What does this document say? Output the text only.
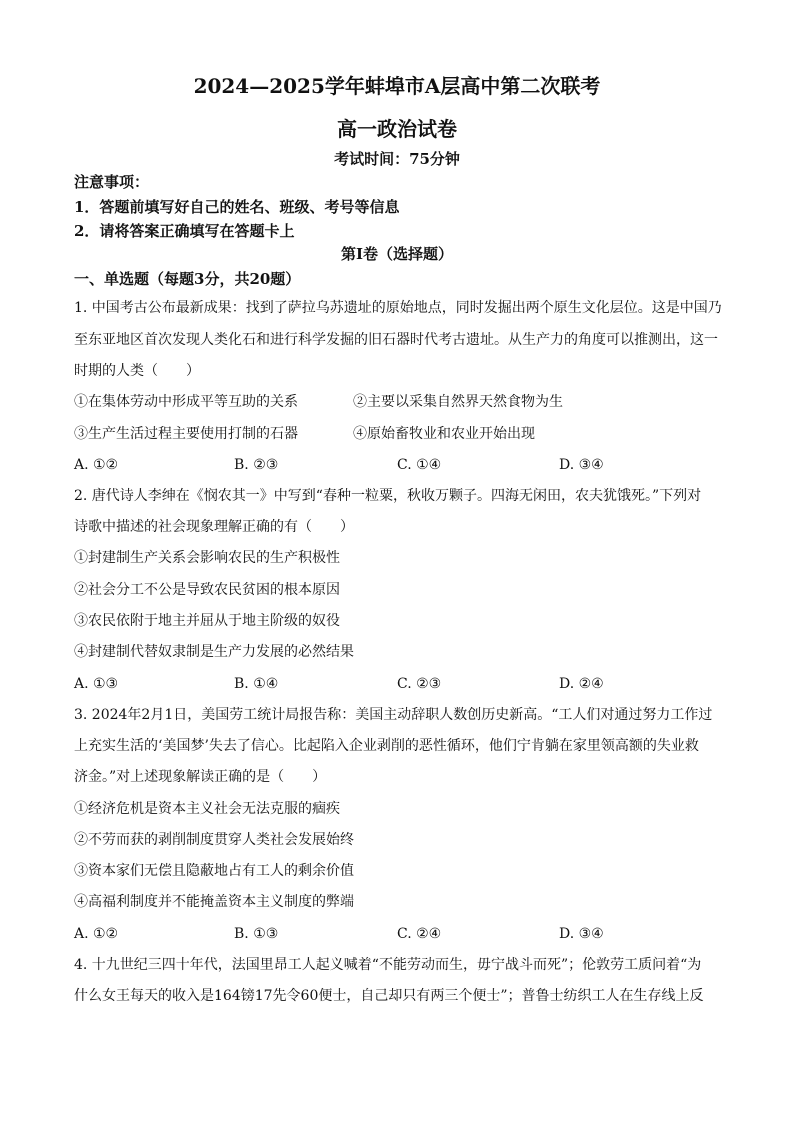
2024—2025学年蚌埠市A层高中第二次联考
高一政治试卷
考试时间：75分钟
注意事项：
1．答题前填写好自己的姓名、班级、考号等信息
2．请将答案正确填写在答题卡上
第Ⅰ卷（选择题）
一、单选题（每题3分，共20题）
1. 中国考古公布最新成果：找到了萨拉乌苏遗址的原始地点，同时发掘出两个原生文化层位。这是中国乃
至东亚地区首次发现人类化石和进行科学发掘的旧石器时代考古遗址。从生产力的角度可以推测出，这一
时期的人类（　　）
①在集体劳动中形成平等互助的关系	②主要以采集自然界天然食物为生
③生产生活过程主要使用打制的石器	④原始畜牧业和农业开始出现
A. ①②	B. ②③	C. ①④	D. ③④
2. 唐代诗人李绅在《悯农其一》中写到“春种一粒粟，秋收万颗子。四海无闲田，农夫犹饿死。”下列对
诗歌中描述的社会现象理解正确的有（　　）
①封建制生产关系会影响农民的生产积极性
②社会分工不公是导致农民贫困的根本原因
③农民依附于地主并屈从于地主阶级的奴役
④封建制代替奴隶制是生产力发展的必然结果
A. ①③	B. ①④	C. ②③	D. ②④
3. 2024年2月1日，美国劳工统计局报告称：美国主动辞职人数创历史新高。“工人们对通过努力工作过
上充实生活的‘美国梦’失去了信心。比起陷入企业剥削的恶性循环，他们宁肯躺在家里领高额的失业救
济金。”对上述现象解读正确的是（　　）
①经济危机是资本主义社会无法克服的痼疾
②不劳而获的剥削制度贯穿人类社会发展始终
③资本家们无偿且隐蔽地占有工人的剩余价值
④高福利制度并不能掩盖资本主义制度的弊端
A. ①②	B. ①③	C. ②④	D. ③④
4. 十九世纪三四十年代，法国里昂工人起义喊着“不能劳动而生，毋宁战斗而死”；伦敦劳工质问着“为
什么女王每天的收入是164镑17先令60便士，自己却只有两三个便士”；普鲁士纺织工人在生存线上反
